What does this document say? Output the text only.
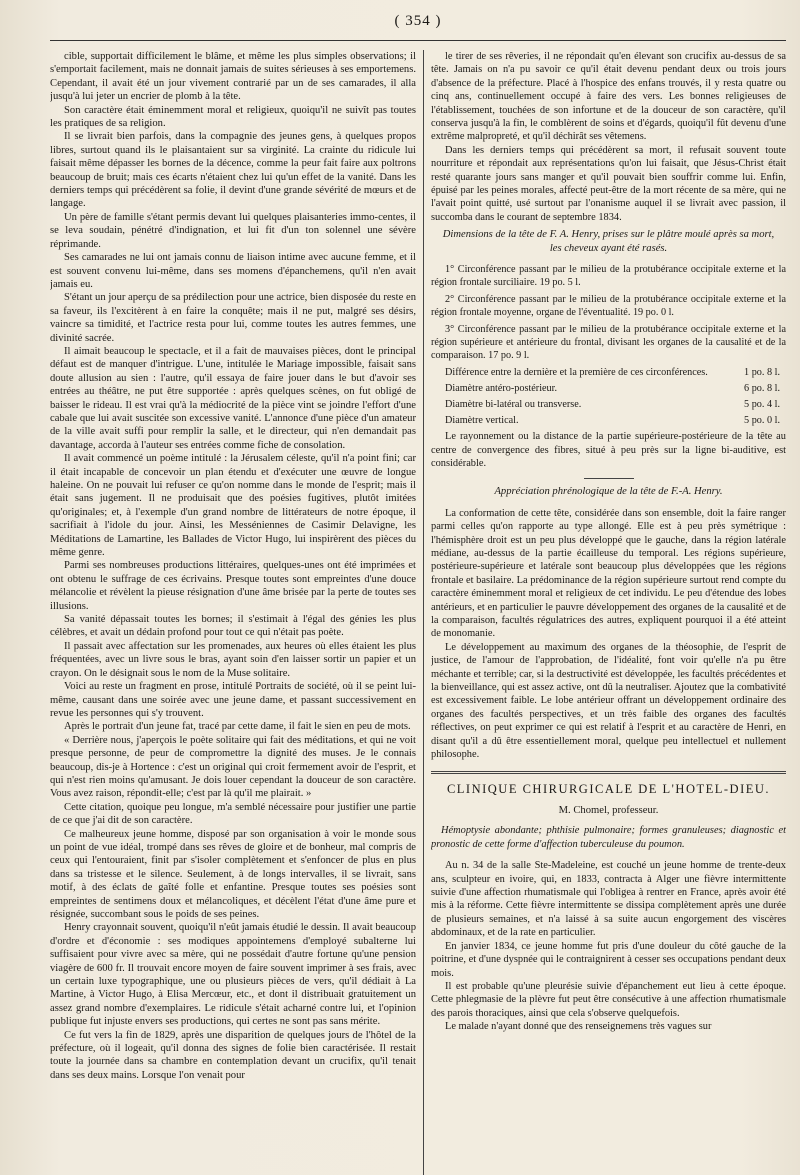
( 354 )

cible, supportait difficilement le blâme, et même les plus simples observations; il s'emportait facilement, mais ne donnait jamais de suites sérieuses à ses emportemens. Cependant, il avait été un jour vivement contrarié par un de ses camarades, il alla jusqu'à lui jeter un encrier de plomb à la tête.

Son caractère était éminemment moral et religieux, quoiqu'il ne suivît pas toutes les pratiques de sa religion.

Il se livrait bien parfois, dans la compagnie des jeunes gens, à quelques propos libres, surtout quand ils le plaisantaient sur sa virginité. La crainte du ridicule lui faisait même dépasser les bornes de la décence, comme la peur fait faire aux poltrons beaucoup de bruit; mais ces écarts n'étaient chez lui qu'un effet de la vanité. Dans les derniers temps qui précédèrent sa folie, il devint d'une grande sévérité de mœurs et de langage.

Un père de famille s'étant permis devant lui quelques plaisanteries immo-centes, il se leva soudain, pénétré d'indignation, et lui fit d'un ton solennel une sévère réprimande.

Ses camarades ne lui ont jamais connu de liaison intime avec aucune femme, et il est souvent convenu lui-même, dans ses momens d'épanchemens, qu'il n'en avait jamais eu.

S'étant un jour aperçu de sa prédilection pour une actrice, bien disposée du reste en sa faveur, ils l'excitèrent à en faire la conquête; mais il ne put, malgré ses désirs, vaincre sa timidité, et l'actrice resta pour lui, comme toutes les autres femmes, une divinité sacrée.

Il aimait beaucoup le spectacle, et il a fait de mauvaises pièces, dont le principal défaut est de manquer d'intrigue. L'une, intitulée le Mariage impossible, faisait sans doute allusion au sien : l'autre, qu'il essaya de faire jouer dans le but d'avoir ses entrées au théâtre, ne put être supportée : après quelques scènes, on fut obligé de baisser le rideau. Il est vrai qu'à la médiocrité de la pièce vint se joindre l'effort d'une cabale que lui avait suscitée son excessive vanité. L'annonce d'une pièce d'un amateur de la ville avait suffi pour remplir la salle, et le directeur, qui n'en demandait pas davantage, accorda à l'auteur ses entrées comme fiche de consolation.

Il avait commencé un poème intitulé : la Jérusalem céleste, qu'il n'a point fini; car il était incapable de concevoir un plan étendu et d'exécuter une œuvre de longue haleine. On ne pouvait lui refuser ce qu'on nomme dans le monde de l'esprit; mais il était sans jugement. Il ne produisait que des poésies fugitives, plutôt imitées qu'originales; et, à l'exemple d'un grand nombre de littérateurs de notre époque, il sacrifiait à l'idole du jour. Ainsi, les Messéniennes de Casimir Delavigne, les Méditations de Lamartine, les Ballades de Victor Hugo, lui inspirèrent des pièces du même genre.

Parmi ses nombreuses productions littéraires, quelques-unes ont été imprimées et ont obtenu le suffrage de ces écrivains. Presque toutes sont empreintes d'une douce mélancolie et révèlent la pieuse résignation d'une âme brisée par la perte de toutes ses illusions.

Sa vanité dépassait toutes les bornes; il s'estimait à l'égal des génies les plus célèbres, et avait un dédain profond pour tout ce qui n'était pas poète.

Il passait avec affectation sur les promenades, aux heures où elles étaient les plus fréquentées, avec un livre sous le bras, ayant soin d'en laisser sortir un papier et un crayon. On le désignait sous le nom de la Muse solitaire.

Voici au reste un fragment en prose, intitulé Portraits de société, où il se peint lui-même, causant dans une soirée avec une jeune dame, et passant successivement en revue les personnes qui s'y trouvent.

Après le portrait d'un jeune fat, tracé par cette dame, il fait le sien en peu de mots.

« Derrière nous, j'aperçois le poète solitaire qui fait des méditations, et qui ne voit presque personne, de peur de compromettre la dignité des muses. Je le connais beaucoup, dis-je à Hortence : c'est un original qui croit fermement avoir de l'esprit, et qui n'est rien moins qu'amusant. Je dois louer cependant la douceur de son caractère. Vous avez raison, répondit-elle; c'est par là qu'il me plairait. »

Cette citation, quoique peu longue, m'a semblé nécessaire pour justifier une partie de ce que j'ai dit de son caractère.

Ce malheureux jeune homme, disposé par son organisation à voir le monde sous un point de vue idéal, trompé dans ses rêves de gloire et de bonheur, mal compris de ceux qui l'entouraient, finit par s'isoler complètement et s'enfoncer de plus en plus dans sa tristesse et le silence. Seulement, à de longs intervalles, il se livrait, sans motif, à des éclats de gaîté folle et enfantine. Presque toutes ses poésies sont empreintes de sentimens doux et mélancoliques, et décèlent l'état d'une âme pure et résignée, succombant sous le poids de ses peines.

Henry crayonnait souvent, quoiqu'il n'eût jamais étudié le dessin. Il avait beaucoup d'ordre et d'économie : ses modiques appointemens d'employé subalterne lui suffisaient pour vivre avec sa mère, qui ne possédait d'autre fortune qu'une pension viagère de 600 fr. Il trouvait encore moyen de faire souvent imprimer à ses frais, avec un certain luxe typographique, une ou plusieurs pièces de vers, qu'il dédiait à La Martine, à Victor Hugo, à Elisa Mercœur, etc., et dont il distribuait gratuitement un assez grand nombre d'exemplaires. Le ridicule s'était acharné contre lui, et l'opinion publique fut injuste envers ses productions, qui certes ne sont pas sans mérite.

Ce fut vers la fin de 1829, après une disparition de quelques jours de l'hôtel de la préfecture, où il logeait, qu'il donna des signes de folie bien caractérisée. Il restait toute la journée dans sa chambre en contemplation devant un crucifix, qu'il tenait dans ses deux mains. Lorsque l'on venait pour

le tirer de ses rêveries, il ne répondait qu'en élevant son crucifix au-dessus de sa tête. Jamais on n'a pu savoir ce qu'il était devenu pendant deux ou trois jours d'absence de la préfecture. Placé à l'hospice des enfans trouvés, il y resta quatre ou cinq ans, continuellement occupé à faire des vers. Les bonnes religieuses de l'établissement, touchées de son infortune et de la douceur de son caractère, qu'il conserva jusqu'à la fin, le comblèrent de soins et d'égards, quoiqu'il fût devenu d'une extrême malpropreté, et qu'il déchirât ses vêtemens.

Dans les derniers temps qui précédèrent sa mort, il refusait souvent toute nourriture et répondait aux représentations qu'on lui faisait, que Jésus-Christ était resté quarante jours sans manger et qu'il pouvait bien souffrir comme lui. Enfin, épuisé par les peines morales, affecté peut-être de la mort récente de sa mère, qui ne l'avait point quitté, usé surtout par l'onanisme auquel il se livrait avec passion, il succomba dans le courant de septembre 1834.

Dimensions de la tête de F. A. Henry, prises sur le plâtre moulé après sa mort, les cheveux ayant été rasés.
1° Circonférence passant par le milieu de la protubérance occipitale externe et la région frontale surciliaire. 19 po. 5 l.
2° Circonférence passant par le milieu de la protubérance occipitale externe et la région frontale moyenne, organe de l'éventualité. 19 po. 0 l.
3° Circonférence passant par le milieu de la protubérance occipitale externe et la région supérieure et antérieure du frontal, divisant les organes de la causalité et de la comparaison. 17 po. 9 l.
Différence entre la dernière et la première de ces circonférences.	1 po. 8 l.
Diamètre antéro-postérieur.	6 po. 8 l.
Diamètre bi-latéral ou transverse.	5 po. 4 l.
Diamètre vertical.	5 po. 0 l.

Le rayonnement ou la distance de la partie supérieure-postérieure de la tête au centre de convergence des fibres, situé à peu près sur la ligne bi-auditive, est considérable.

Appréciation phrénologique de la tête de F.-A. Henry.

La conformation de cette tête, considérée dans son ensemble, doit la faire ranger parmi celles qu'on rapporte au type allongé. Elle est à peu près symétrique : l'hémisphère droit est un peu plus développé que le gauche, dans la région latérale médiane, au-dessus de la partie écailleuse du temporal. Les régions supérieure, postérieure-supérieure et latérale sont beaucoup plus développées que les régions frontale et basilaire. La prédominance de la région supérieure surtout rend compte du caractère éminemment moral et religieux de cet individu. Le peu d'étendue des lobes antérieurs, et en particulier le pauvre développement des organes de la causalité et de la comparaison, facultés régulatrices des autres, expliquent pourquoi il a été atteint de monomanie.

Le développement au maximum des organes de la théosophie, de l'esprit de justice, de l'amour de l'approbation, de l'idéalité, font voir qu'elle n'a pu être méchante et terrible; car, si la destructivité est développée, les facultés précédentes et la bienveillance, qui est assez active, ont dû la neutraliser. Ajoutez que la combativité est excessivement faible. Le lobe antérieur offrant un développement ordinaire des organes des facultés perspectives, et un très faible des organes des facultés réflectives, on peut exprimer ce qui est relatif à l'esprit et au caractère de Henri, en disant qu'il a dû être essentiellement moral, quelque peu intellectuel et nullement philosophe.

CLINIQUE CHIRURGICALE DE L'HOTEL-DIEU.
M. Chomel, professeur.
Hémoptysie abondante; phthisie pulmonaire; formes granuleuses; diagnostic et pronostic de cette forme d'affection tuberculeuse du poumon.

Au n. 34 de la salle Ste-Madeleine, est couché un jeune homme de trente-deux ans, sculpteur en ivoire, qui, en 1833, contracta à Alger une fièvre intermittente suivie d'une affection rhumatismale qui l'obligea à rentrer en France, après avoir été mis à la réforme. Cette fièvre intermittente se dissipa complètement après une durée de plusieurs semaines, et n'a laissé à sa suite aucun engorgement des viscères abdominaux, et de la rate en particulier.

En janvier 1834, ce jeune homme fut pris d'une douleur du côté gauche de la poitrine, et d'une dyspnée qui le contraignirent à cesser ses occupations pendant deux mois.

Il est probable qu'une pleurésie suivie d'épanchement eut lieu à cette époque. Cette phlegmasie de la plèvre fut peut être consécutive à une affection rhumatismale des parois thoraciques, ainsi que cela s'observe quelquefois.

Le malade n'ayant donné que des renseignemens très vagues sur
